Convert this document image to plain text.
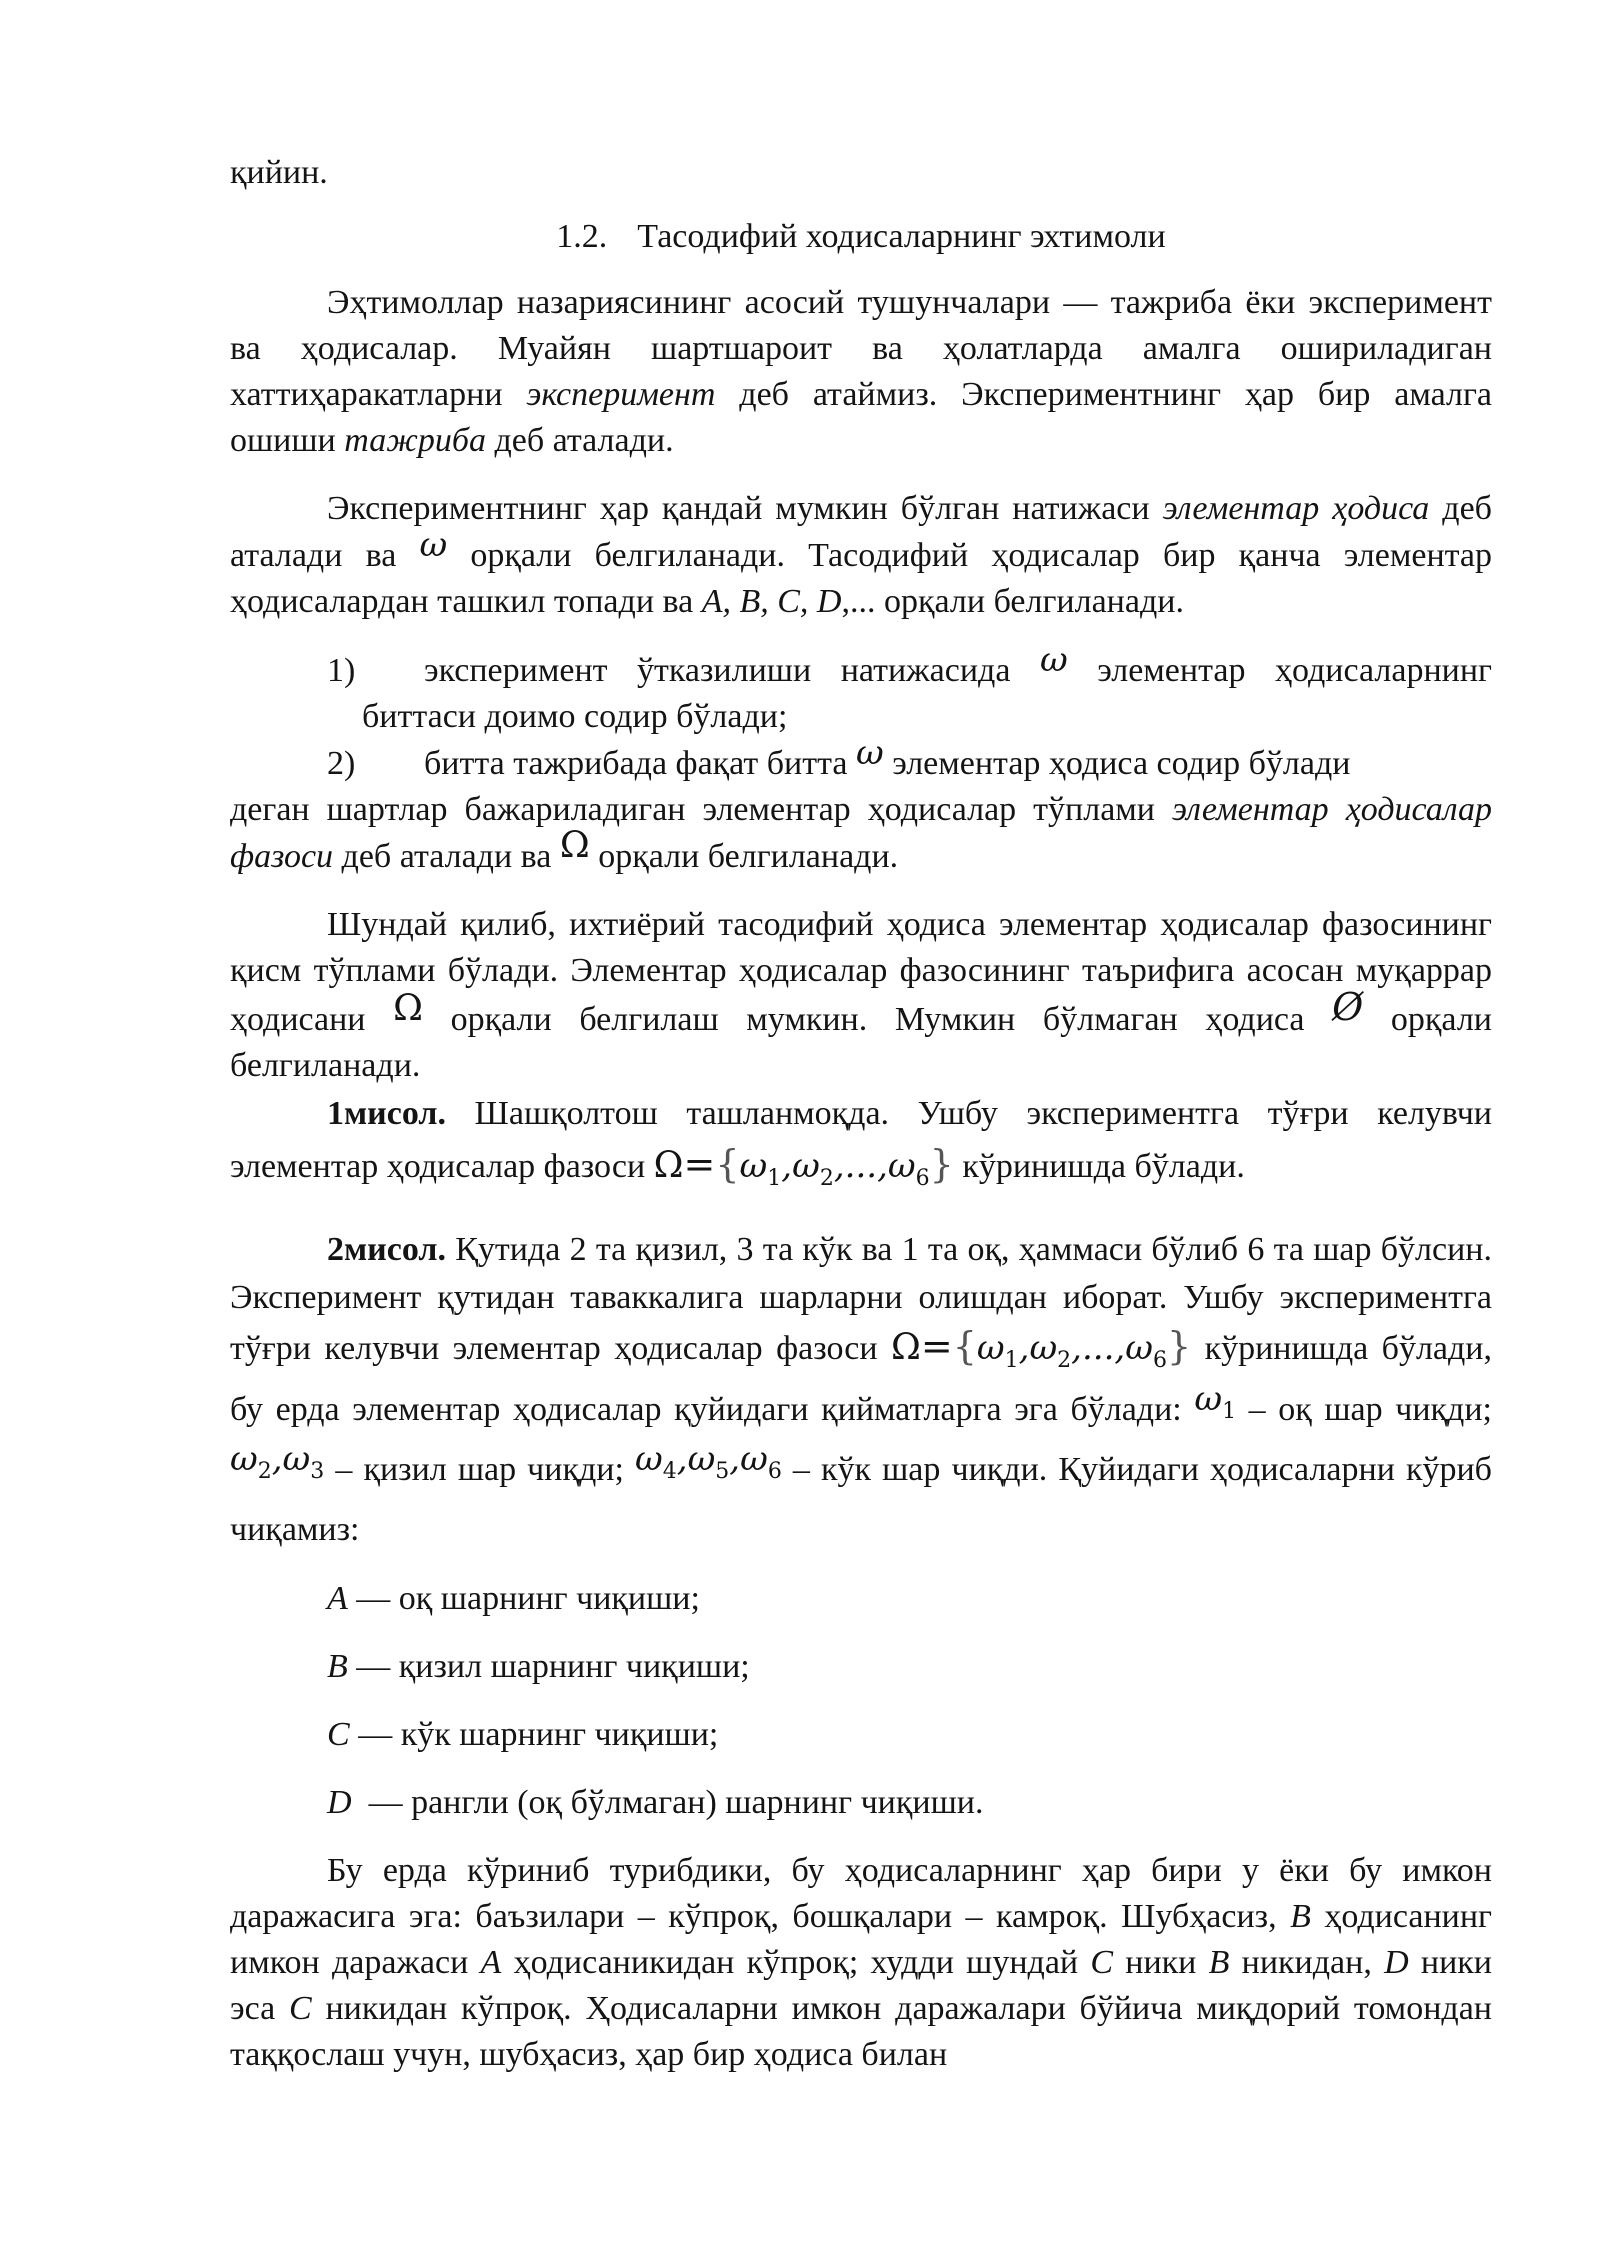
қийин.

1.2. Тасодифий ходисаларнинг эхтимоли

Эҳтимоллар назариясининг асосий тушунчалари — тажриба ёки эксперимент ва ҳодисалар. Муайян шартшароит ва ҳолатларда амалга ошириладиган хаттиҳаракатларни эксперимент деб атаймиз. Экспериментнинг ҳар бир амалга ошиши тажриба деб аталади.

Экспериментнинг ҳар қандай мумкин бўлган натижаси элементар ҳодиса деб аталади ва ω орқали белгиланади. Тасодифий ҳодисалар бир қанча элементар ҳодисалардан ташкил топади ва A, B, C, D,... орқали белгиланади.

1) эксперимент ўтказилиши натижасида ω элементар ҳодисаларнинг биттаси доимо содир бўлади;

2) битта тажрибада фақат битта ω элементар ҳодиса содир бўлади

деган шартлар бажариладиган элементар ҳодисалар тўплами элементар ҳодисалар фазоси деб аталади ва Ω орқали белгиланади.

Шундай қилиб, ихтиёрий тасодифий ҳодиса элементар ҳодисалар фазосининг қисм тўплами бўлади. Элементар ҳодисалар фазосининг таърифига асосан муқаррар ҳодисани Ω орқали белгилаш мумкин. Мумкин бўлмаган ҳодиса Ø орқали белгиланади.

1мисол. Шашқолтош ташланмоқда. Ушбу экспериментга тўғри келувчи элементар ҳодисалар фазоси $\Omega=\{\omega_1,\omega_2,...,\omega_6\}$ кўринишда бўлади.

2мисол. Қутида 2 та қизил, 3 та кўк ва 1 та оқ, ҳаммаси бўлиб 6 та шар бўлсин. Эксперимент қутидан таваккалига шарларни олишдан иборат. Ушбу экспериментга тўғри келувчи элементар ҳодисалар фазоси $\Omega=\{\omega_1,\omega_2,...,\omega_6\}$ кўринишда бўлади, бу ерда элементар ҳодисалар қуйидаги қийматларга эга бўлади: $\omega_1$ – оқ шар чиқди; $\omega_2,\omega_3$ – қизил шар чиқди; $\omega_4,\omega_5,\omega_6$ – кўк шар чиқди. Қуйидаги ҳодисаларни кўриб чиқамиз:

A — оқ шарнинг чиқиши;

B — қизил шарнинг чиқиши;

C — кўк шарнинг чиқиши;

D  — рангли (оқ бўлмаган) шарнинг чиқиши.

Бу ерда кўриниб турибдики, бу ҳодисаларнинг ҳар бири у ёки бу имкон даражасига эга: баъзилари – кўпроқ, бошқалари – камроқ. Шубҳасиз, B ҳодисанинг имкон даражаси A ҳодисаникидан кўпроқ; худди шундай C ники B никидан, D ники эса C никидан кўпроқ. Ҳодисаларни имкон даражалари бўйича миқдорий томондан таққослаш учун, шубҳасиз, ҳар бир ҳодиса билан
